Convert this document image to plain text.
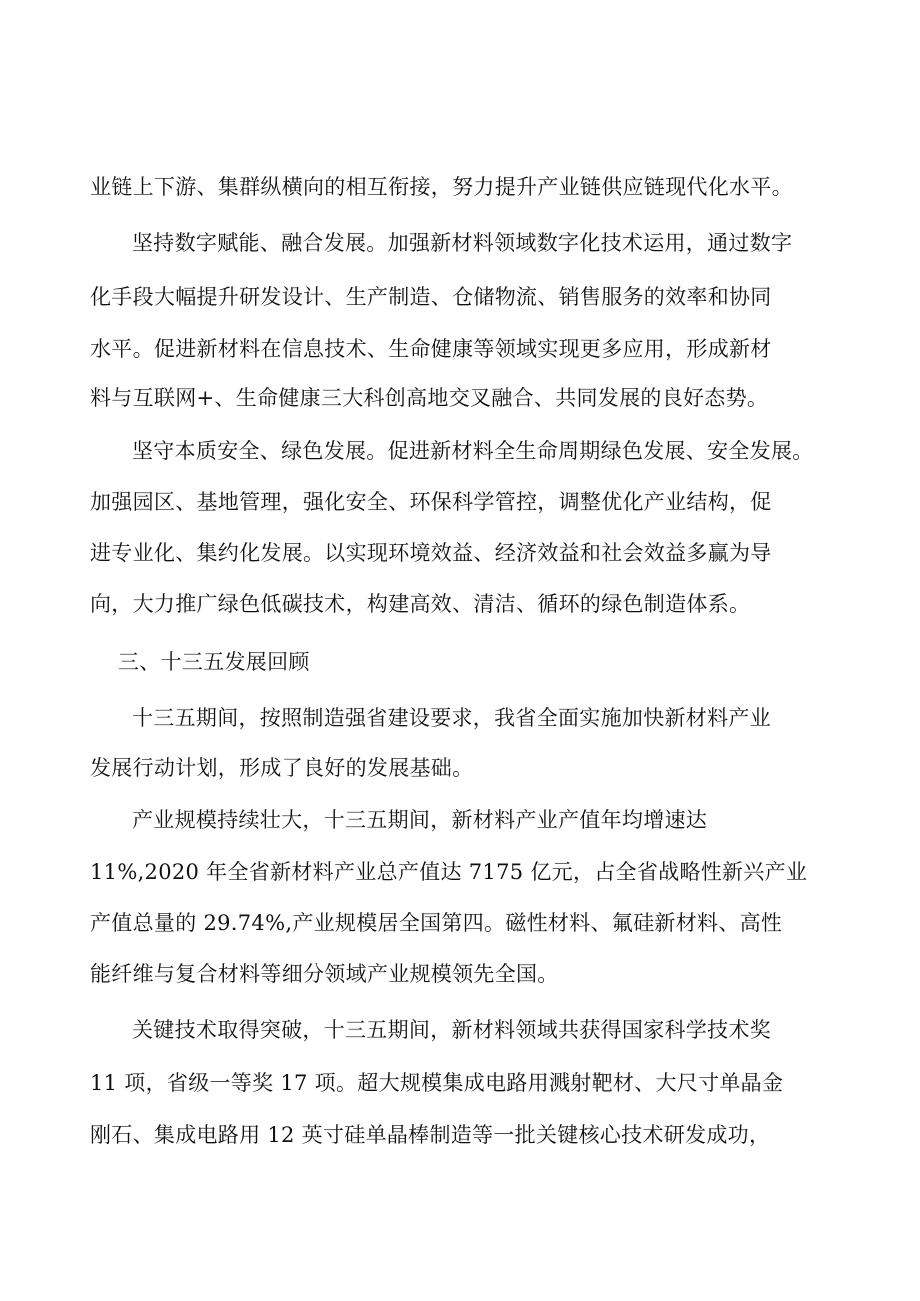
业链上下游、集群纵横向的相互衔接，努力提升产业链供应链现代化水平。
坚持数字赋能、融合发展。加强新材料领域数字化技术运用，通过数字
化手段大幅提升研发设计、生产制造、仓储物流、销售服务的效率和协同
水平。促进新材料在信息技术、生命健康等领域实现更多应用，形成新材
料与互联网+、生命健康三大科创高地交叉融合、共同发展的良好态势。
坚守本质安全、绿色发展。促进新材料全生命周期绿色发展、安全发展。
加强园区、基地管理，强化安全、环保科学管控，调整优化产业结构，促
进专业化、集约化发展。以实现环境效益、经济效益和社会效益多赢为导
向，大力推广绿色低碳技术，构建高效、清洁、循环的绿色制造体系。
三、十三五发展回顾
十三五期间，按照制造强省建设要求，我省全面实施加快新材料产业
发展行动计划，形成了良好的发展基础。
产业规模持续壮大，十三五期间，新材料产业产值年均增速达
11%,2020 年全省新材料产业总产值达 7175 亿元，占全省战略性新兴产业
产值总量的 29.74%,产业规模居全国第四。磁性材料、氟硅新材料、高性
能纤维与复合材料等细分领域产业规模领先全国。
关键技术取得突破，十三五期间，新材料领域共获得国家科学技术奖
11 项，省级一等奖 17 项。超大规模集成电路用溅射靶材、大尺寸单晶金
刚石、集成电路用 12 英寸硅单晶棒制造等一批关键核心技术研发成功，
